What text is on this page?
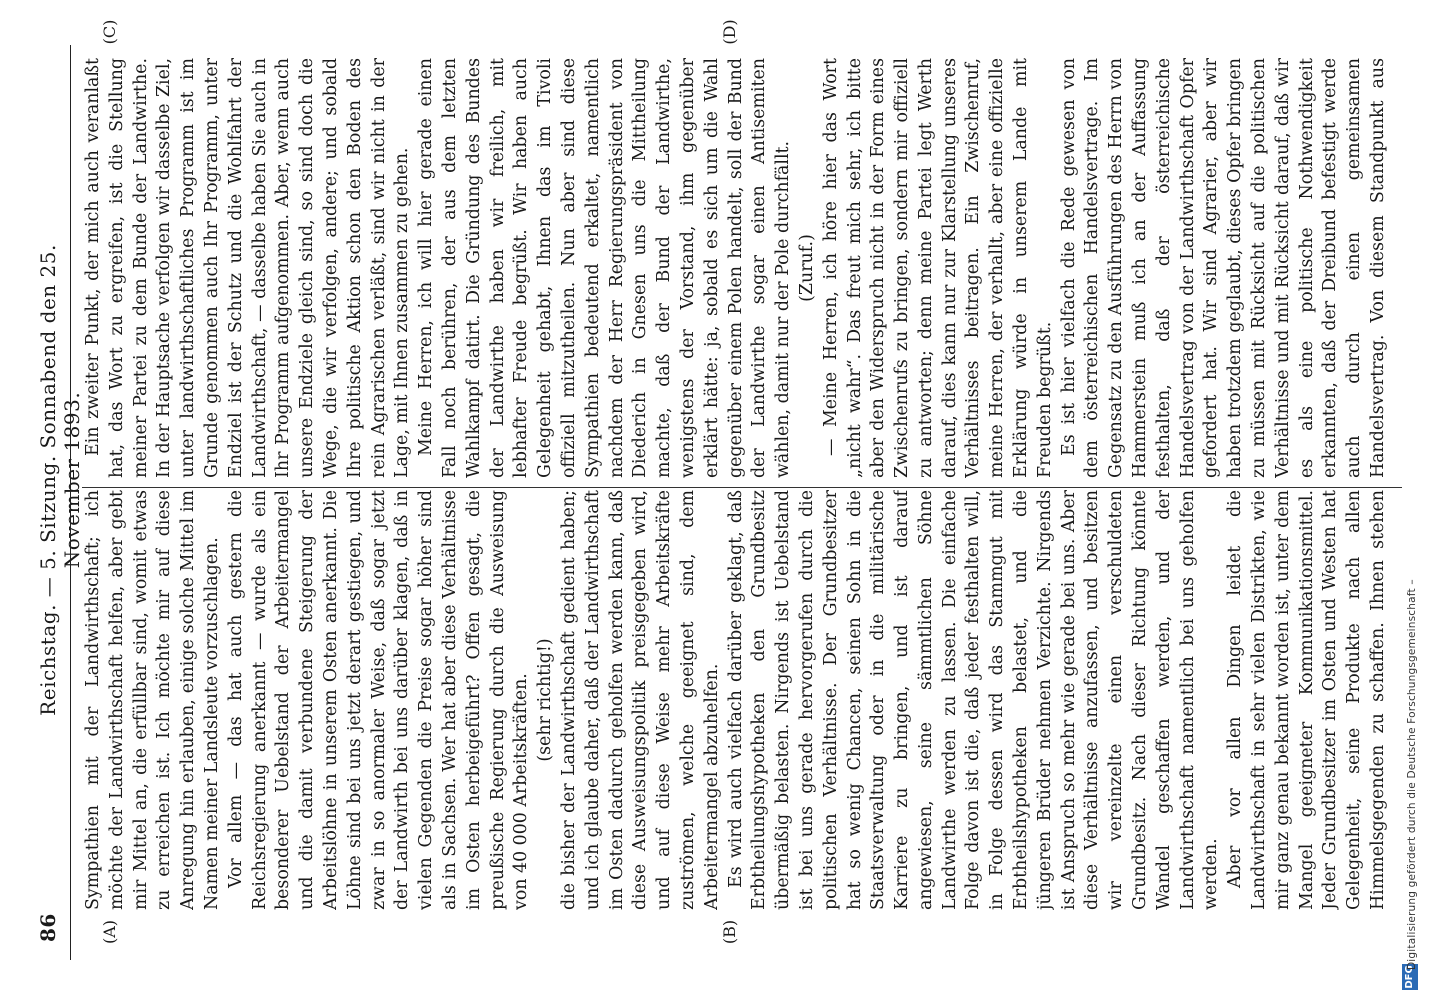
86
Reichstag. — 5. Sitzung. Sonnabend den 25. November 1893.
(A)	(B)
(C)	(D)

Sympathien mit der Landwirthschaft; ich möchte der Landwirthschaft helfen, aber gebt mir Mittel an, die erfüllbar sind, womit etwas zu erreichen ist. Ich möchte mir auf diese Anregung hin erlauben, einige solche Mittel im Namen meiner Landsleute vorzuschlagen. Vor allem — das hat auch gestern die Reichsregierung anerkannt — wurde als ein besonderer Uebelstand der Arbeitermangel und die damit verbundene Steigerung der Arbeitslöhne in unserem Osten anerkannt. Die Löhne sind bei uns jetzt derart gestiegen, und zwar in so anormaler Weise, daß sogar jetzt der Landwirth bei uns darüber klagen, daß in vielen Gegenden die Preise sogar höher sind als in Sachsen. Wer hat aber diese Verhältnisse im Osten herbeigeführt? Offen gesagt, die preußische Regierung durch die Ausweisung von 40 000 Arbeitskräften. (sehr richtig!) die bisher der Landwirthschaft gedient haben; und ich glaube daher, daß der Landwirthschaft im Osten dadurch geholfen werden kann, daß diese Ausweisungspolitik preisgegeben wird, und auf diese Weise mehr Arbeitskräfte zuströmen, welche geeignet sind, dem Arbeitermangel abzuhelfen. Es wird auch vielfach darüber geklagt, daß Erbtheilungshypotheken den Grundbesitz übermäßig belasten. Nirgends ist Uebelstand ist bei uns gerade hervorgerufen durch die politischen Verhältnisse. Der Grundbesitzer hat so wenig Chancen, seinen Sohn in die Staatsverwaltung oder in die militärische Karriere zu bringen, und ist darauf angewiesen, seine sämmtlichen Söhne Landwirthe werden zu lassen. Die einfache Folge davon ist die, daß jeder festhalten will, in Folge dessen wird das Stammgut mit Erbtheilshypotheken belastet, und die jüngeren Brüder nehmen Verzichte. Nirgends ist Anspruch so mehr wie gerade bei uns. Aber diese Verhältnisse anzufassen, und besitzen wir vereinzelte einen verschuldeten Grundbesitz. Nach dieser Richtung könnte Wandel geschaffen werden, und der Landwirthschaft namentlich bei uns geholfen werden. Aber vor allen Dingen leidet die Landwirthschaft in sehr vielen Distrikten, wie mir ganz genau bekannt worden ist, unter dem Mangel geeigneter Kommunikationsmittel. Jeder Grundbesitzer im Osten und Westen hat Gelegenheit, seine Produkte nach allen Himmelsgegenden zu schaffen. Ihnen stehen

Ein zweiter Punkt, der mich auch veranlaßt hat, das Wort zu ergreifen, ist die Stellung meiner Partei zu dem Bunde der Landwirthe. In der Hauptsache verfolgen wir dasselbe Ziel, unter landwirthschaftliches Programm ist im Grunde genommen auch Ihr Programm, unter Endziel ist der Schutz und die Wohlfahrt der Landwirthschaft, — dasselbe haben Sie auch in Ihr Programm aufgenommen. Aber, wenn auch unsere Endziele gleich sind, so sind doch die Wege, die wir verfolgen, andere; und sobald Ihre politische Aktion schon den Boden des rein Agrarischen verläßt, sind wir nicht in der Lage, mit Ihnen zusammen zu gehen. Meine Herren, ich will hier gerade einen Fall noch berühren, der aus dem letzten Wahlkampf datirt. Die Gründung des Bundes der Landwirthe haben wir freilich, mit lebhafter Freude begrüßt. Wir haben auch Gelegenheit gehabt, Ihnen das im Tivoli offiziell mitzutheilen. Nun aber sind diese Sympathien bedeutend erkaltet, namentlich nachdem der Herr Regierungspräsident von Diederich in Gnesen uns die Mittheilung machte, daß der Bund der Landwirthe, wenigstens der Vorstand, ihm gegenüber erklärt hätte: ja, sobald es sich um die Wahl gegenüber einem Polen handelt, soll der Bund der Landwirthe sogar einen Antisemiten wählen, damit nur der Pole durchfällt. (Zuruf.) — Meine Herren, ich höre hier das Wort „nicht wahr“. Das freut mich sehr, ich bitte aber den Widerspruch nicht in der Form eines Zwischenrufs zu bringen, sondern mir offiziell zu antworten; denn meine Partei legt Werth darauf, dies kann nur zur Klarstellung unseres Verhältnisses beitragen. Ein Zwischenruf, meine Herren, der verhallt, aber eine offizielle Erklärung würde in unserem Lande mit Freuden begrüßt. Es ist hier vielfach die Rede gewesen von dem österreichischen Handelsvertrage. Im Gegensatz zu den Ausführungen des Herrn von Hammerstein muß ich an der Auffassung festhalten, daß der österreichische Handelsvertrag von der Landwirthschaft Opfer gefordert hat. Wir sind Agrarier, aber wir haben trotzdem geglaubt, dieses Opfer bringen zu müssen mit Rücksicht auf die politischen Verhältnisse und mit Rücksicht darauf, daß wir es als eine politische Nothwendigkeit erkannten, daß der Dreibund befestigt werde auch durch einen gemeinsamen Handelsvertrag. Von diesem Standpunkt aus

DFG
Digitalisierung gefördert durch die Deutsche Forschungsgemeinschaft –
